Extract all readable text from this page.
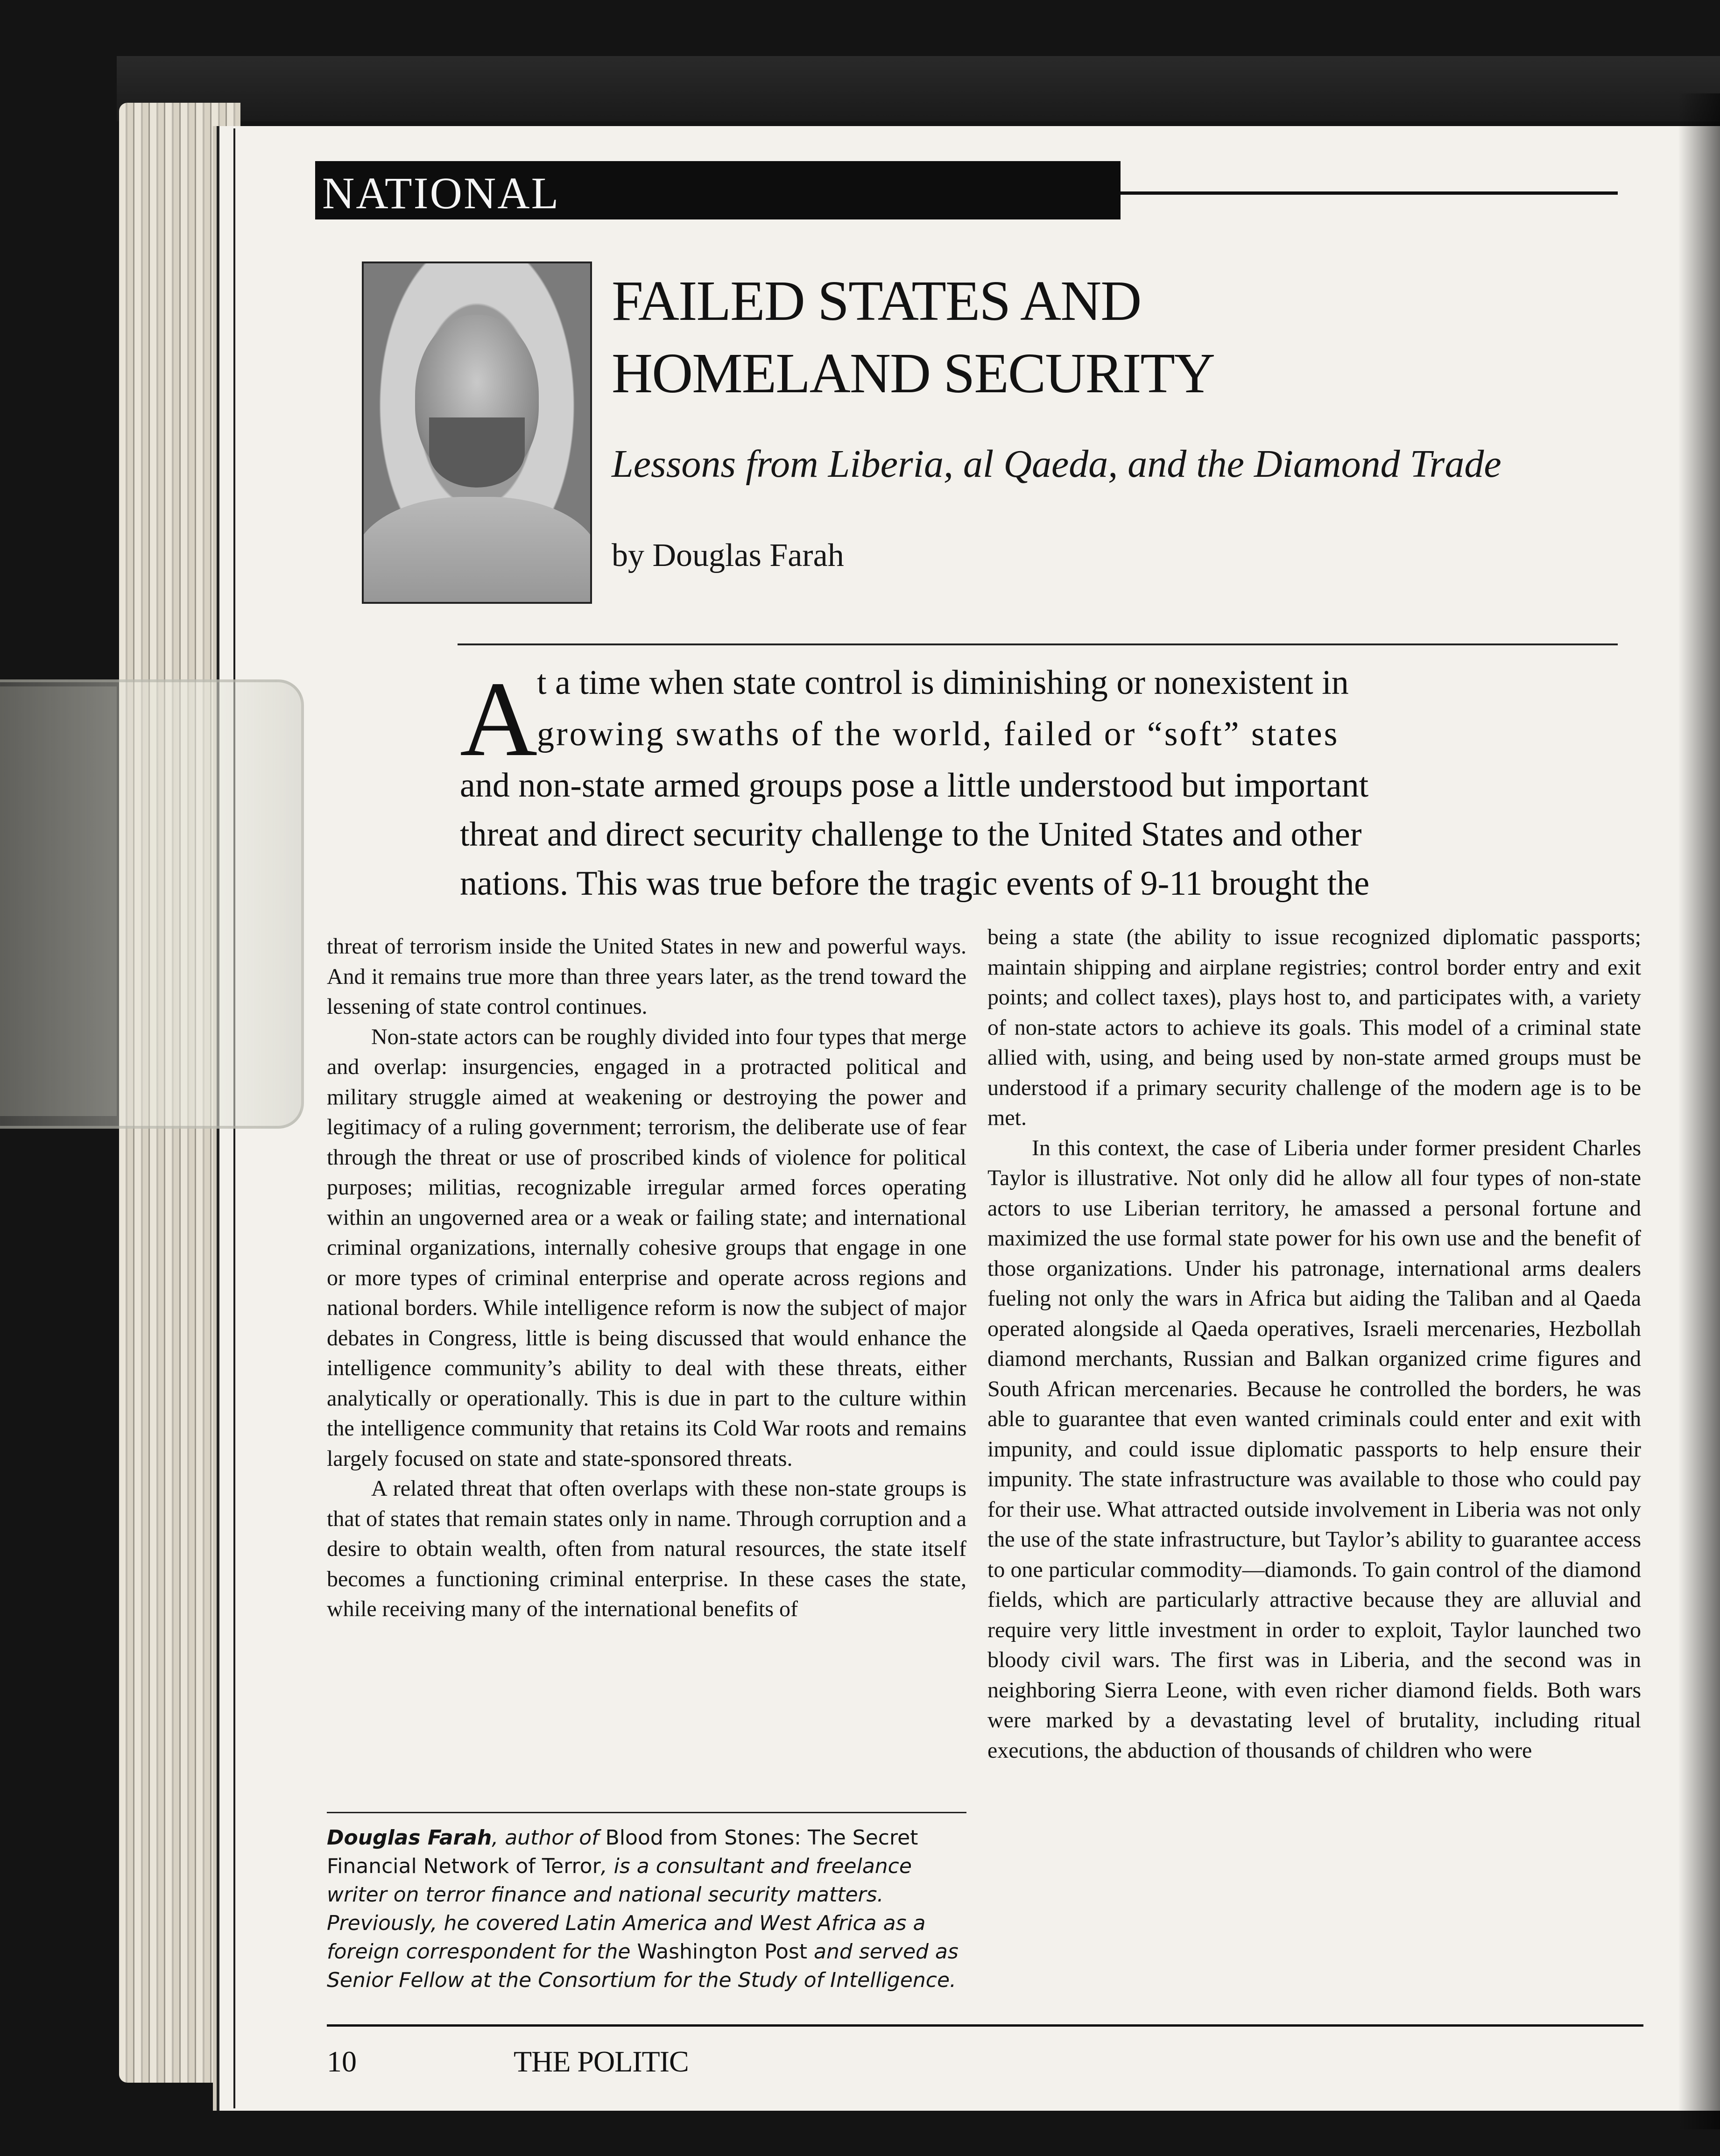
NATIONAL
FAILED STATES AND
HOMELAND SECURITY
Lessons from Liberia, al Qaeda, and the Diamond Trade
by Douglas Farah
A
t a time when state control is diminishing or nonexistent in
growing swaths of the world, failed or “soft” states
and non-state armed groups pose a little understood but important
threat and direct security challenge to the United States and other
nations. This was true before the tragic events of 9-11 brought the

threat of terrorism inside the United States in new and powerful ways. And it remains true more than three years later, as the trend toward the lessening of state control continues.

Non-state actors can be roughly divided into four types that merge and overlap: insurgencies, engaged in a protracted political and military struggle aimed at weakening or destroying the power and legitimacy of a ruling government; terrorism, the deliberate use of fear through the threat or use of proscribed kinds of violence for political purposes; militias, recognizable irregular armed forces operating within an ungoverned area or a weak or failing state; and international criminal organizations, internally cohesive groups that engage in one or more types of criminal enterprise and operate across regions and national borders. While intelligence reform is now the subject of major debates in Congress, little is being discussed that would enhance the intelligence community’s ability to deal with these threats, either analytically or operationally. This is due in part to the culture within the intelligence community that retains its Cold War roots and remains largely focused on state and state-sponsored threats.

A related threat that often overlaps with these non-state groups is that of states that remain states only in name. Through corruption and a desire to obtain wealth, often from natural resources, the state itself becomes a functioning criminal enterprise. In these cases the state, while receiving many of the international benefits of

being a state (the ability to issue recognized diplomatic passports; maintain shipping and airplane registries; control border entry and exit points; and collect taxes), plays host to, and participates with, a variety of non-state actors to achieve its goals. This model of a criminal state allied with, using, and being used by non-state armed groups must be understood if a primary security challenge of the modern age is to be met.

In this context, the case of Liberia under former president Charles Taylor is illustrative. Not only did he allow all four types of non-state actors to use Liberian territory, he amassed a personal fortune and maximized the use formal state power for his own use and the benefit of those organizations. Under his patronage, international arms dealers fueling not only the wars in Africa but aiding the Taliban and al Qaeda operated alongside al Qaeda operatives, Israeli mercenaries, Hezbollah diamond merchants, Russian and Balkan organized crime figures and South African mercenaries. Because he controlled the borders, he was able to guarantee that even wanted criminals could enter and exit with impunity, and could issue diplomatic passports to help ensure their impunity. The state infrastructure was available to those who could pay for their use. What attracted outside involvement in Liberia was not only the use of the state infrastructure, but Taylor’s ability to guarantee access to one particular commodity—diamonds. To gain control of the diamond fields, which are particularly attractive because they are alluvial and require very little investment in order to exploit, Taylor launched two bloody civil wars. The first was in Liberia, and the second was in neighboring Sierra Leone, with even richer diamond fields. Both wars were marked by a devastating level of brutality, including ritual executions, the abduction of thousands of children who were

Douglas Farah, author of Blood from Stones: The Secret Financial Network of Terror, is a consultant and freelance writer on terror finance and national security matters. Previously, he covered Latin America and West Africa as a foreign correspondent for the Washington Post and served as Senior Fellow at the Consortium for the Study of Intelligence.
10	THE POLITIC
